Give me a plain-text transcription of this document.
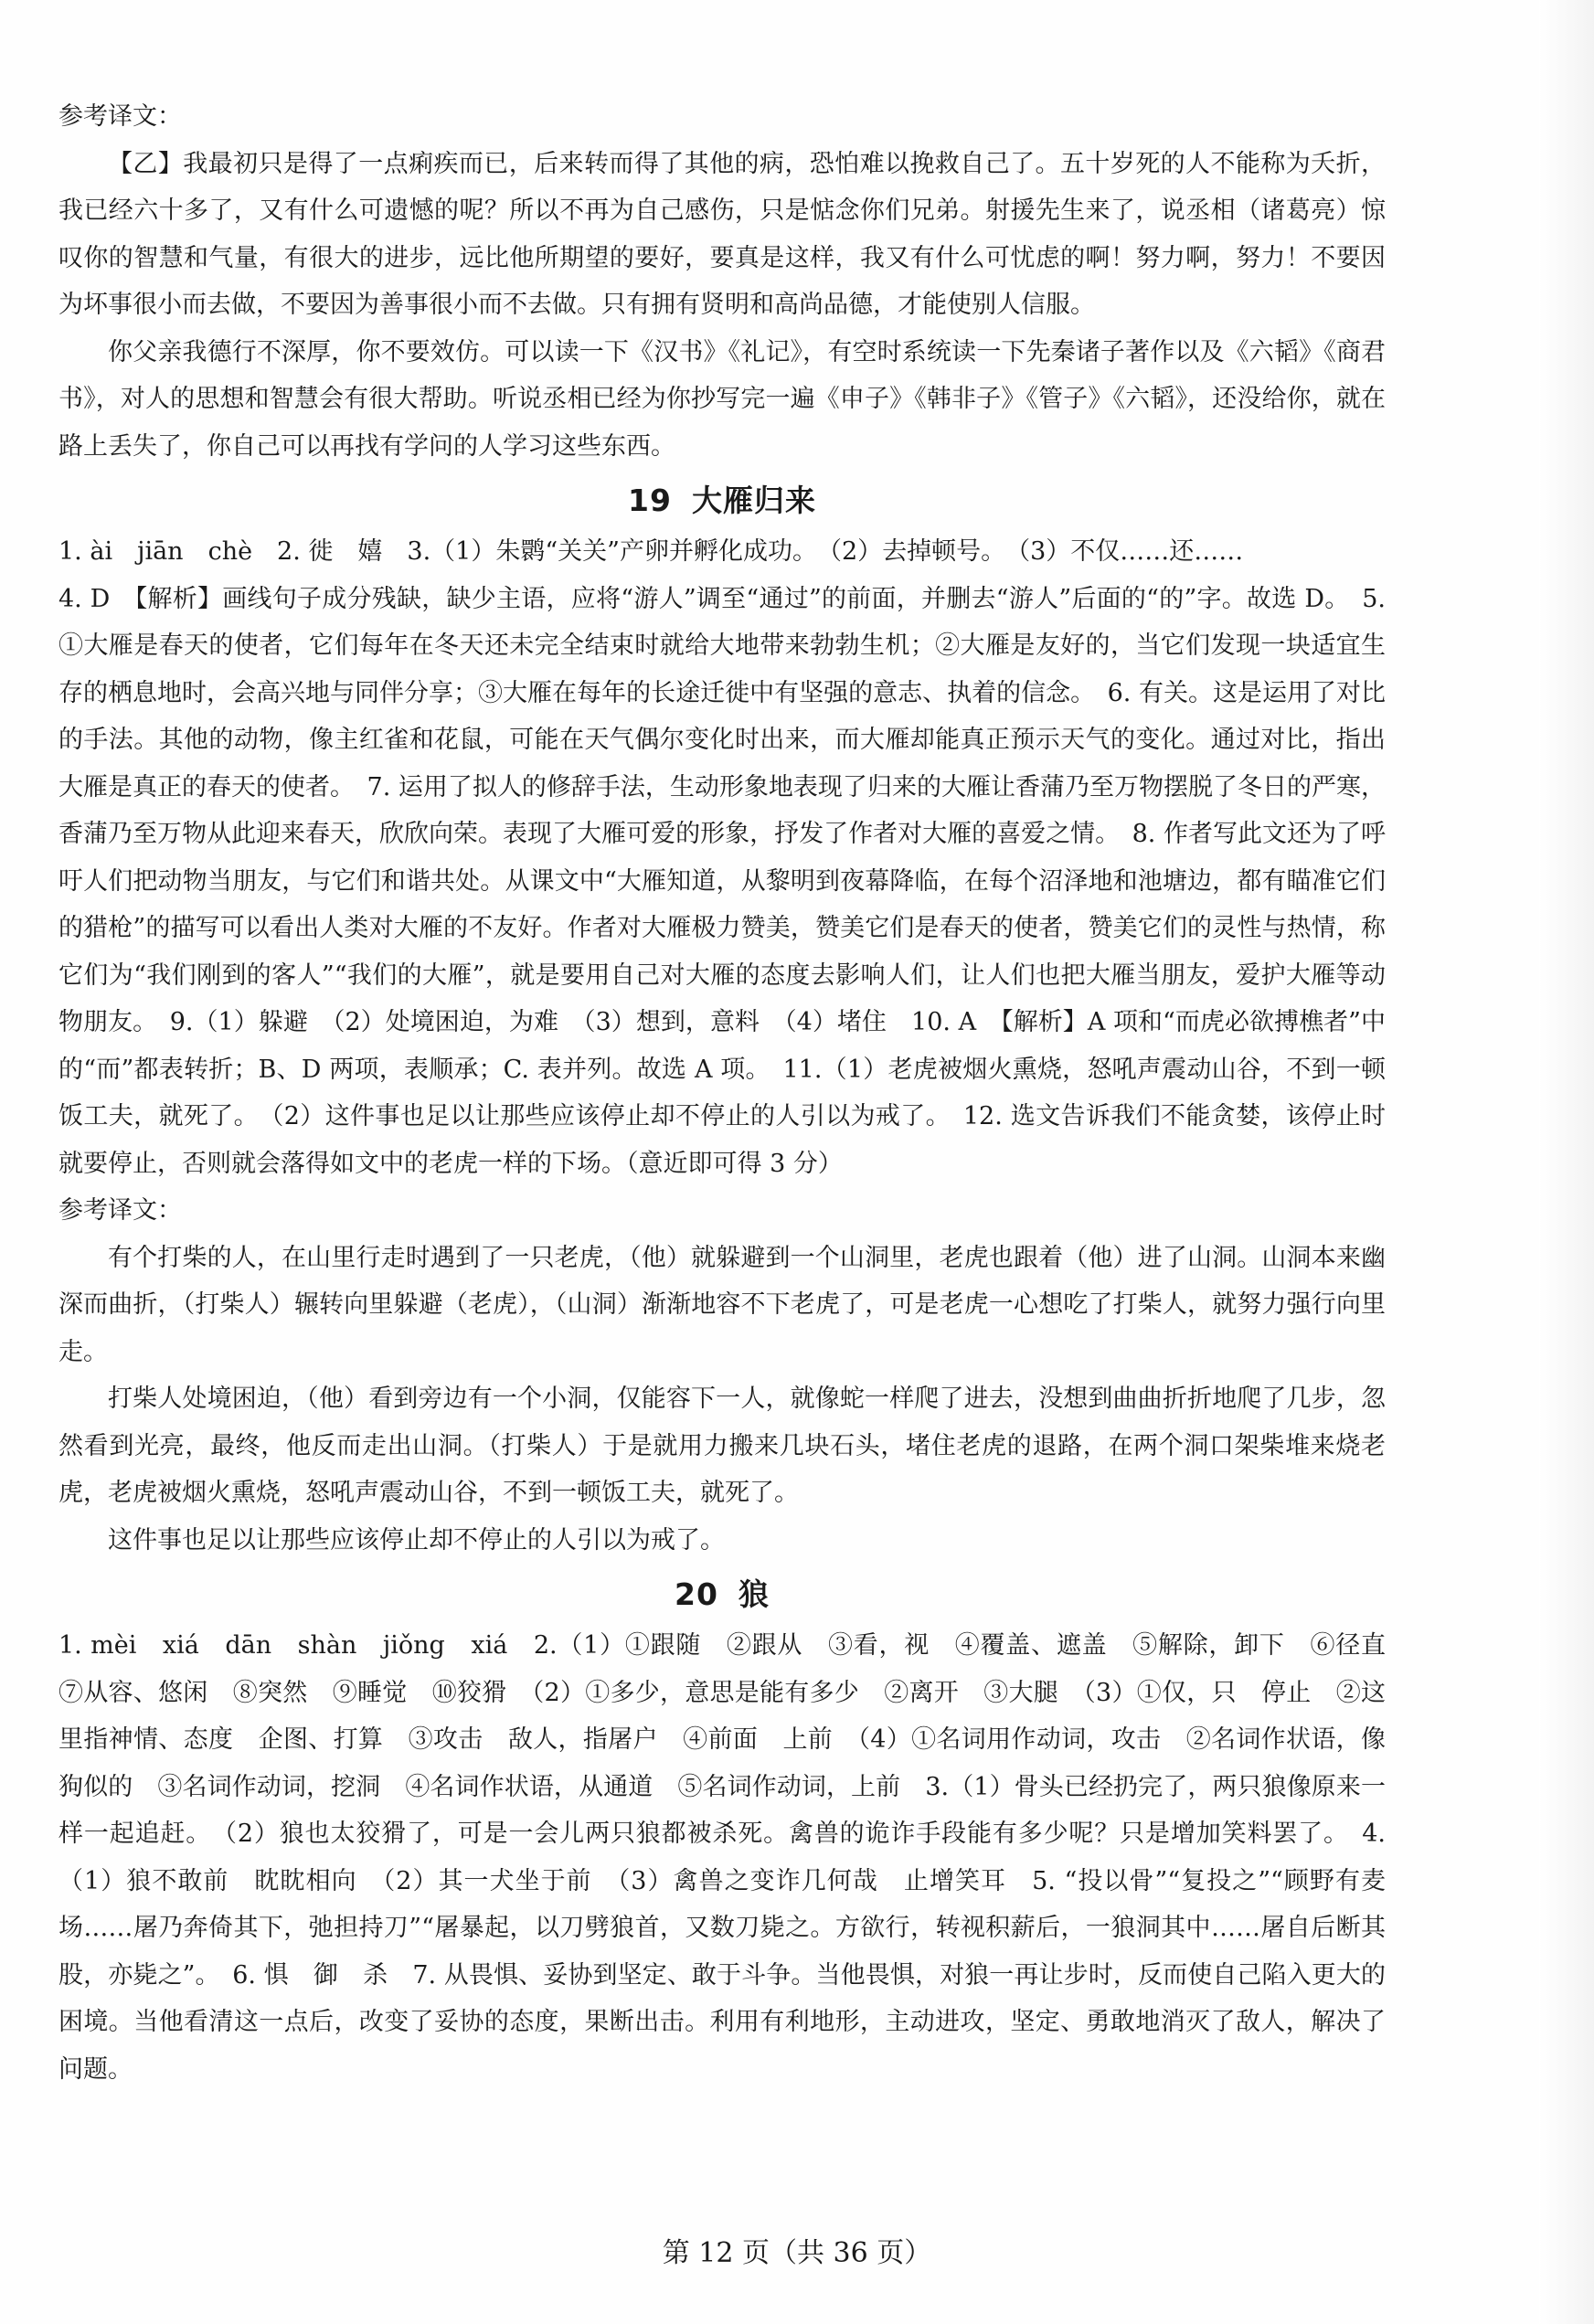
参考译文：

【乙】我最初只是得了一点痢疾而已，后来转而得了其他的病，恐怕难以挽救自己了。五十岁死的人不能称为夭折，我已经六十多了，又有什么可遗憾的呢？所以不再为自己感伤，只是惦念你们兄弟。射援先生来了，说丞相（诸葛亮）惊叹你的智慧和气量，有很大的进步，远比他所期望的要好，要真是这样，我又有什么可忧虑的啊！努力啊，努力！不要因为坏事很小而去做，不要因为善事很小而不去做。只有拥有贤明和高尚品德，才能使别人信服。

你父亲我德行不深厚，你不要效仿。可以读一下《汉书》《礼记》，有空时系统读一下先秦诸子著作以及《六韬》《商君书》，对人的思想和智慧会有很大帮助。听说丞相已经为你抄写完一遍《申子》《韩非子》《管子》《六韬》，还没给你，就在路上丢失了，你自己可以再找有学问的人学习这些东西。

19 大雁归来

1. ài　jiān　chè　2. 徙　嬉　3.（1）朱鹮“关关”产卵并孵化成功。　（2）去掉顿号。　（3）不仅……还……

4. D　【解析】画线句子成分残缺，缺少主语，应将“游人”调至“通过”的前面，并删去“游人”后面的“的”字。故选 D。　5. ①大雁是春天的使者，它们每年在冬天还未完全结束时就给大地带来勃勃生机；②大雁是友好的，当它们发现一块适宜生存的栖息地时，会高兴地与同伴分享；③大雁在每年的长途迁徙中有坚强的意志、执着的信念。　6. 有关。这是运用了对比的手法。其他的动物，像主红雀和花鼠，可能在天气偶尔变化时出来，而大雁却能真正预示天气的变化。通过对比，指出大雁是真正的春天的使者。　7. 运用了拟人的修辞手法，生动形象地表现了归来的大雁让香蒲乃至万物摆脱了冬日的严寒，香蒲乃至万物从此迎来春天，欣欣向荣。表现了大雁可爱的形象，抒发了作者对大雁的喜爱之情。　8. 作者写此文还为了呼吁人们把动物当朋友，与它们和谐共处。从课文中“大雁知道，从黎明到夜幕降临，在每个沼泽地和池塘边，都有瞄准它们的猎枪”的描写可以看出人类对大雁的不友好。作者对大雁极力赞美，赞美它们是春天的使者，赞美它们的灵性与热情，称它们为“我们刚到的客人”“我们的大雁”，就是要用自己对大雁的态度去影响人们，让人们也把大雁当朋友，爱护大雁等动物朋友。　9.（1）躲避　（2）处境困迫，为难　（3）想到，意料　（4）堵住　10. A　【解析】A 项和“而虎必欲搏樵者”中的“而”都表转折；B、D 两项，表顺承；C. 表并列。故选 A 项。　11.（1）老虎被烟火熏烧，怒吼声震动山谷，不到一顿饭工夫，就死了。　（2）这件事也足以让那些应该停止却不停止的人引以为戒了。　12. 选文告诉我们不能贪婪，该停止时就要停止，否则就会落得如文中的老虎一样的下场。（意近即可得 3 分）

参考译文：

有个打柴的人，在山里行走时遇到了一只老虎，（他）就躲避到一个山洞里，老虎也跟着（他）进了山洞。山洞本来幽深而曲折，（打柴人）辗转向里躲避（老虎），（山洞）渐渐地容不下老虎了，可是老虎一心想吃了打柴人，就努力强行向里走。

打柴人处境困迫，（他）看到旁边有一个小洞，仅能容下一人，就像蛇一样爬了进去，没想到曲曲折折地爬了几步，忽然看到光亮，最终，他反而走出山洞。（打柴人）于是就用力搬来几块石头，堵住老虎的退路，在两个洞口架柴堆来烧老虎，老虎被烟火熏烧，怒吼声震动山谷，不到一顿饭工夫，就死了。

这件事也足以让那些应该停止却不停止的人引以为戒了。

20 狼

1. mèi　xiá　dān　shàn　jiǒng　xiá　2.（1）①跟随　②跟从　③看，视　④覆盖、遮盖　⑤解除，卸下　⑥径直　⑦从容、悠闲　⑧突然　⑨睡觉　⑩狡猾　（2）①多少，意思是能有多少　②离开　③大腿　（3）①仅，只　停止　②这里指神情、态度　企图、打算　③攻击　敌人，指屠户　④前面　上前　（4）①名词用作动词，攻击　②名词作状语，像狗似的　③名词作动词，挖洞　④名词作状语，从通道　⑤名词作动词，上前　3.（1）骨头已经扔完了，两只狼像原来一样一起追赶。　（2）狼也太狡猾了，可是一会儿两只狼都被杀死。禽兽的诡诈手段能有多少呢？只是增加笑料罢了。　4.（1）狼不敢前　眈眈相向　（2）其一犬坐于前　（3）禽兽之变诈几何哉　止增笑耳　5. “投以骨”“复投之”“顾野有麦场……屠乃奔倚其下，弛担持刀”“屠暴起，以刀劈狼首，又数刀毙之。方欲行，转视积薪后，一狼洞其中……屠自后断其股，亦毙之”。　6. 惧　御　杀　7. 从畏惧、妥协到坚定、敢于斗争。当他畏惧，对狼一再让步时，反而使自己陷入更大的困境。当他看清这一点后，改变了妥协的态度，果断出击。利用有利地形，主动进攻，坚定、勇敢地消灭了敌人，解决了问题。

第 12 页（共 36 页）
